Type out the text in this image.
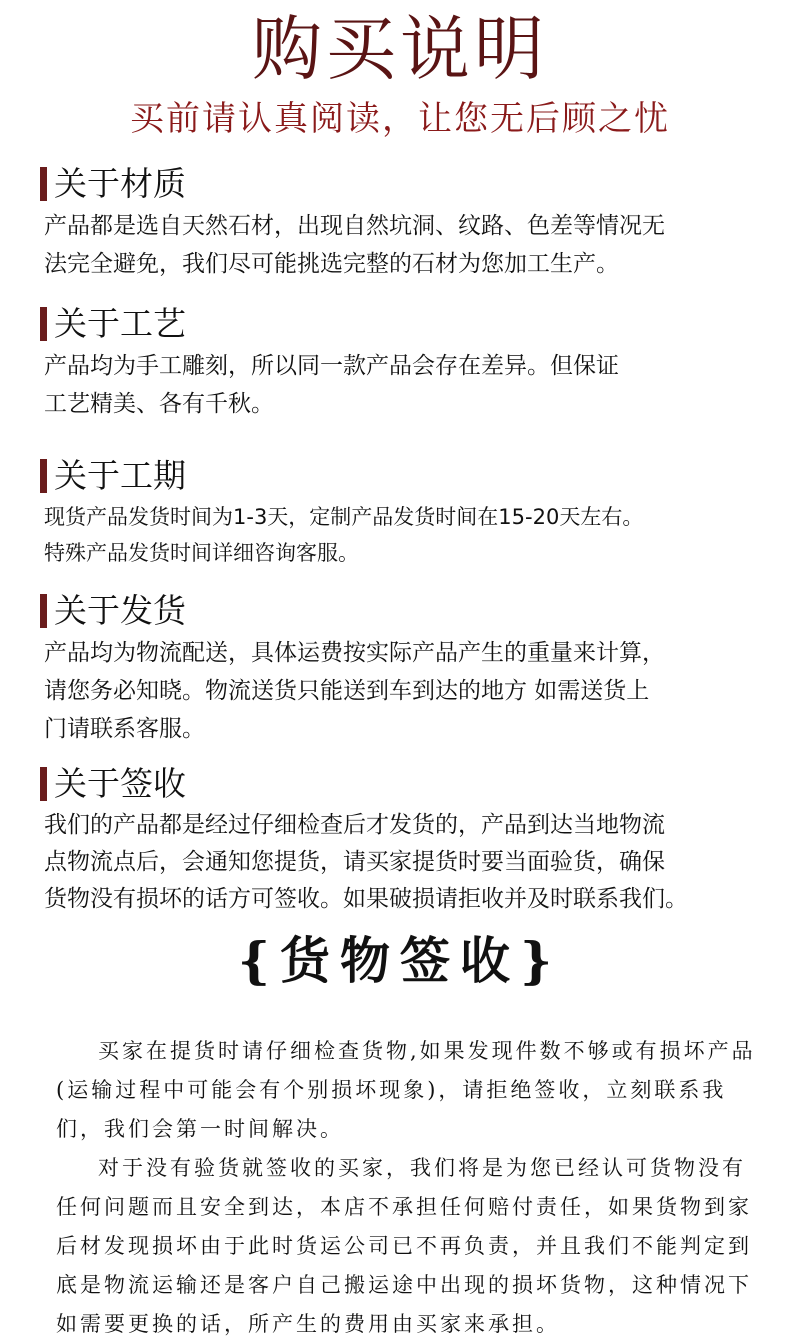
购买说明
买前请认真阅读，让您无后顾之忧
关于材质
产品都是选自天然石材，出现自然坑洞、纹路、色差等情况无
法完全避免，我们尽可能挑选完整的石材为您加工生产。
关于工艺
产品均为手工雕刻，所以同一款产品会存在差异。但保证
工艺精美、各有千秋。
关于工期
现货产品发货时间为1-3天，定制产品发货时间在15-20天左右。
特殊产品发货时间详细咨询客服。
关于发货
产品均为物流配送，具体运费按实际产品产生的重量来计算，
请您务必知晓。物流送货只能送到车到达的地方 如需送货上
门请联系客服。
关于签收
我们的产品都是经过仔细检查后才发货的，产品到达当地物流
点物流点后，会通知您提货，请买家提货时要当面验货，确保
货物没有损坏的话方可签收。如果破损请拒收并及时联系我们。
{货物签收}

买家在提货时请仔细检查货物,如果发现件数不够或有损坏产品(运输过程中可能会有个别损坏现象)，请拒绝签收，立刻联系我们，我们会第一时间解决。

对于没有验货就签收的买家，我们将是为您已经认可货物没有任何问题而且安全到达，本店不承担任何赔付责任，如果货物到家后材发现损坏由于此时货运公司已不再负责，并且我们不能判定到底是物流运输还是客户自己搬运途中出现的损坏货物，这种情况下如需要更换的话，所产生的费用由买家来承担。
